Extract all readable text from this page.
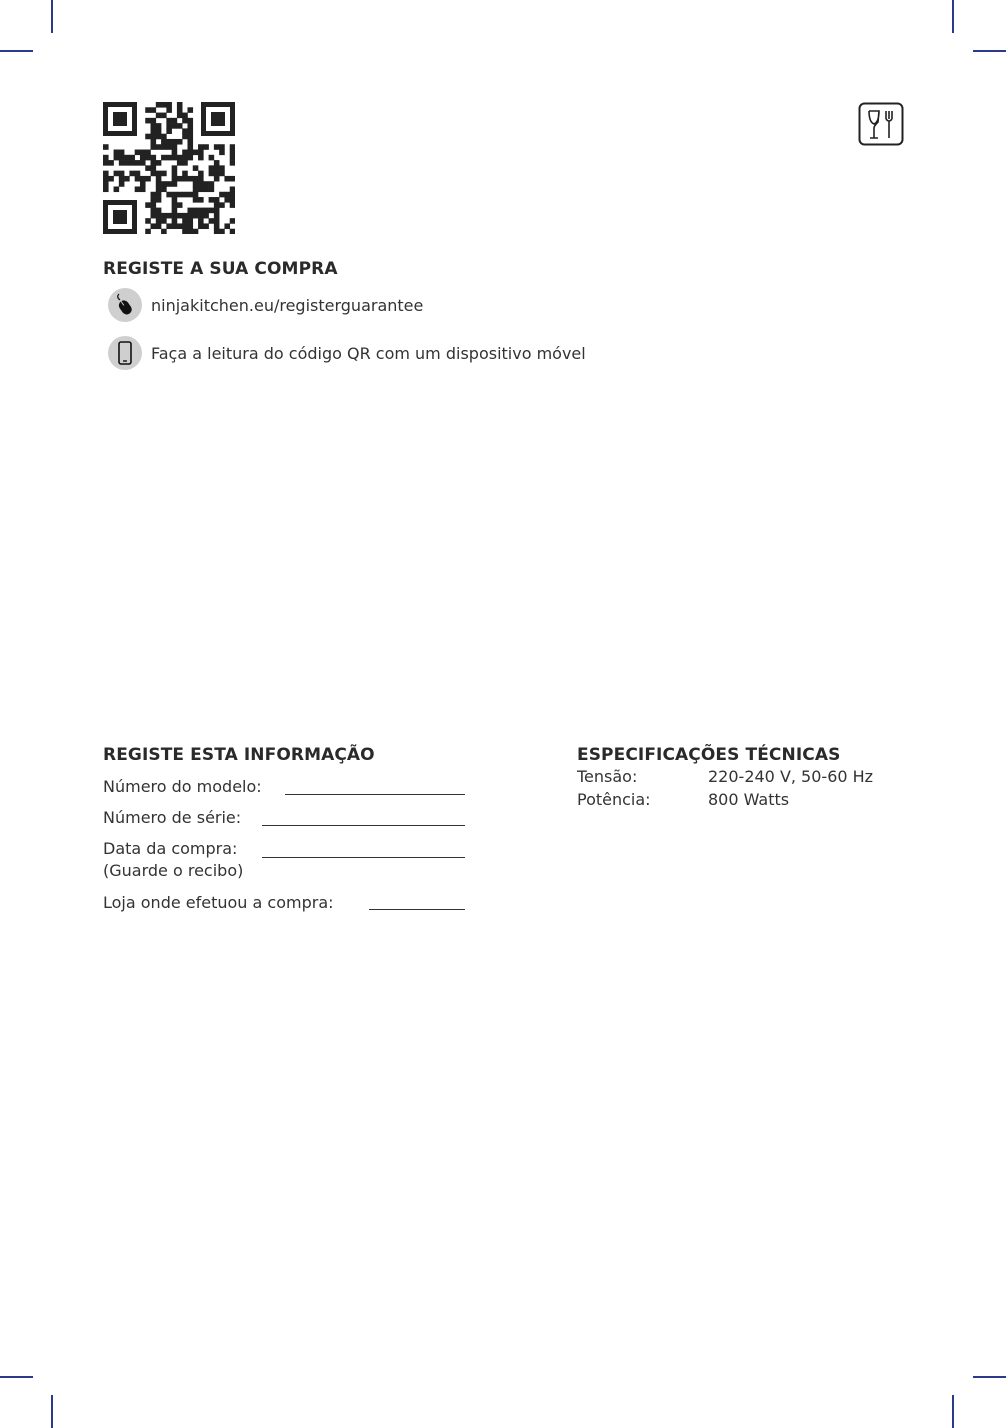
REGISTE A SUA COMPRA
ninjakitchen.eu/registerguarantee
Faça a leitura do código QR com um dispositivo móvel
REGISTE ESTA INFORMAÇÃO
Número do modelo:
Número de série:
Data da compra:
(Guarde o recibo)
Loja onde efetuou a compra:
ESPECIFICAÇÕES TÉCNICAS
Tensão:	220-240 V, 50-60 Hz
Potência:	800 Watts
